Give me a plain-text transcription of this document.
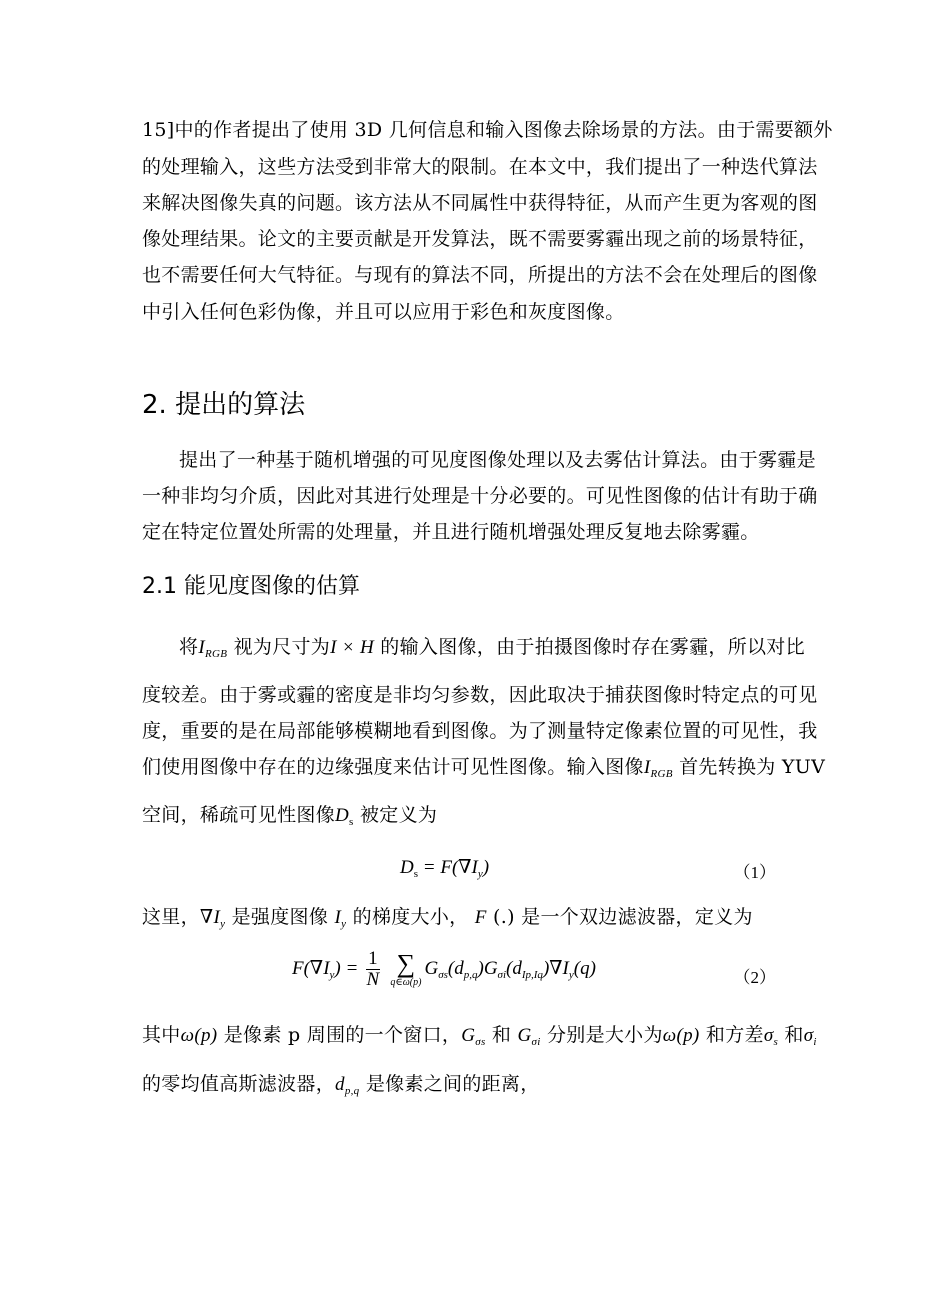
15]中的作者提出了使用 3D 几何信息和输入图像去除场景的方法。由于需要额外
的处理输入，这些方法受到非常大的限制。在本文中，我们提出了一种迭代算法
来解决图像失真的问题。该方法从不同属性中获得特征，从而产生更为客观的图
像处理结果。论文的主要贡献是开发算法，既不需要雾霾出现之前的场景特征，
也不需要任何大气特征。与现有的算法不同，所提出的方法不会在处理后的图像
中引入任何色彩伪像，并且可以应用于彩色和灰度图像。
2. 提出的算法
提出了一种基于随机增强的可见度图像处理以及去雾估计算法。由于雾霾是
一种非均匀介质，因此对其进行处理是十分必要的。可见性图像的估计有助于确
定在特定位置处所需的处理量，并且进行随机增强处理反复地去除雾霾。
2.1 能见度图像的估算
将$I_{RGB}$ 视为尺寸为I × H 的输入图像，由于拍摄图像时存在雾霾，所以对比
度较差。由于雾或霾的密度是非均匀参数，因此取决于捕获图像时特定点的可见
度，重要的是在局部能够模糊地看到图像。为了测量特定像素位置的可见性，我
们使用图像中存在的边缘强度来估计可见性图像。输入图像$I_{RGB}$ 首先转换为 YUV
空间，稀疏可见性图像$D_s$ 被定义为
$D_s = F(\nabla I_y)$	（1）
这里，$\nabla I_y$ 是强度图像 $I_y$ 的梯度大小， F (.) 是一个双边滤波器，定义为
$F(\nabla I_y) = \frac{1}{N}$
∑
q∈ω(p)
$G_{\sigma s}(d_{p,q})G_{\sigma i}(d_{Ip,Iq})\nabla I_y(q)$	（2）
其中ω(p) 是像素 p 周围的一个窗口，$G_{\sigma s}$ 和 $G_{\sigma i}$ 分别是大小为ω(p) 和方差$\sigma_s$ 和$\sigma_i$
的零均值高斯滤波器，$d_{p,q}$ 是像素之间的距离，
